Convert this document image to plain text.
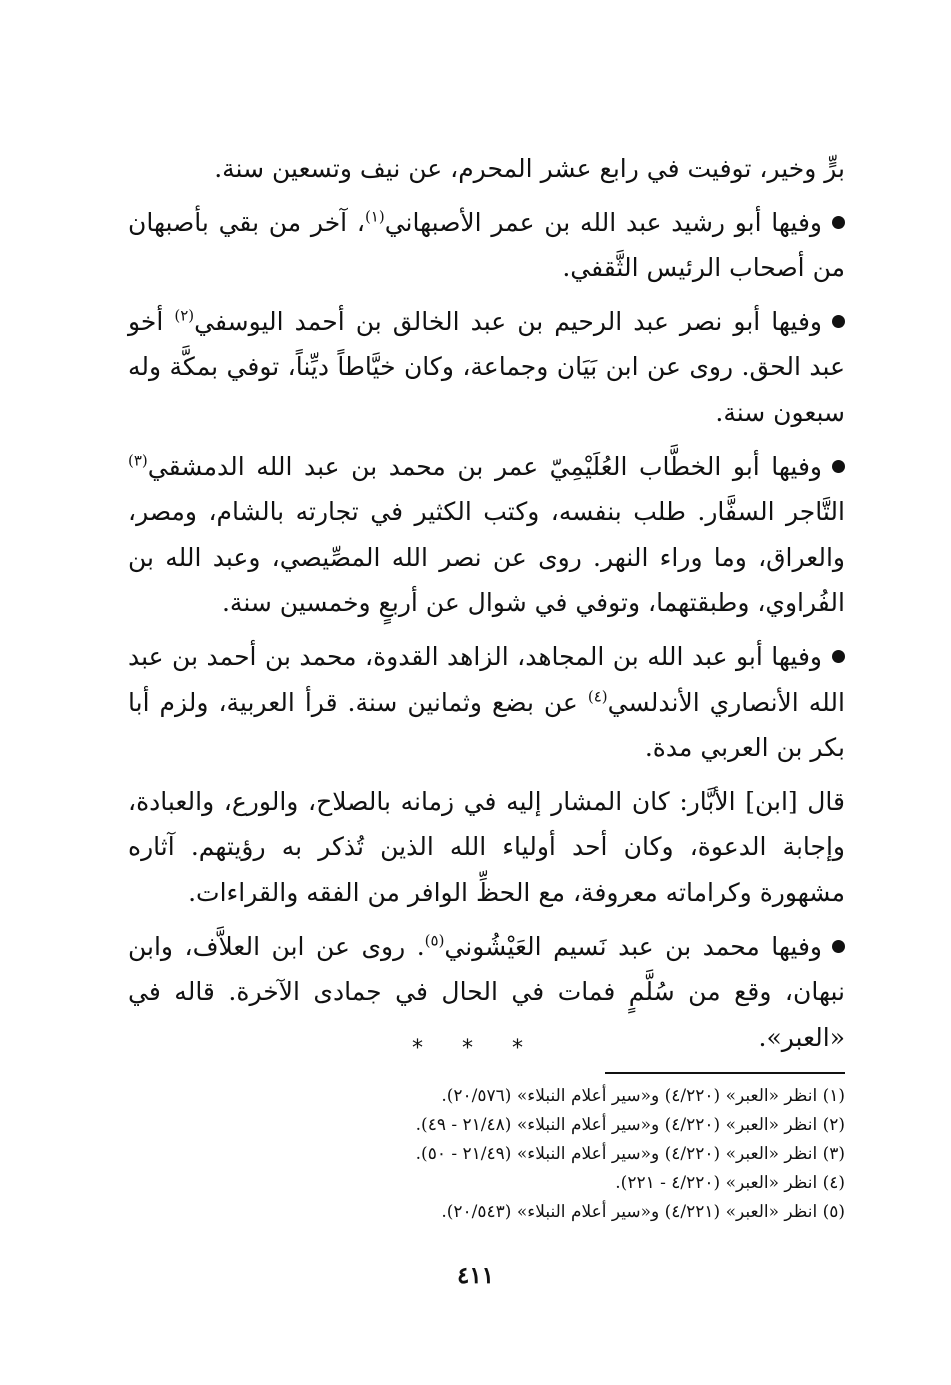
برٍّ وخير، توفيت في رابع عشر المحرم، عن نيف وتسعين سنة.

وفيها أبو رشيد عبد الله بن عمر الأصبهاني$^{(١)}$، آخر من بقي بأصبهان من أصحاب الرئيس الثَّقفي.

وفيها أبو نصر عبد الرحيم بن عبد الخالق بن أحمد اليوسفي$^{(٢)}$ أخو عبد الحق. روى عن ابن بَيَان وجماعة، وكان خيَّاطاً ديِّناً، توفي بمكَّة وله سبعون سنة.

وفيها أبو الخطَّاب العُلَيْمِيّ عمر بن محمد بن عبد الله الدمشقي$^{(٣)}$ التَّاجر السفَّار. طلب بنفسه، وكتب الكثير في تجارته بالشام، ومصر، والعراق، وما وراء النهر. روى عن نصر الله المصِّيصي، وعبد الله بن الفُراوي، وطبقتهما، وتوفي في شوال عن أربعٍ وخمسين سنة.

وفيها أبو عبد الله بن المجاهد، الزاهد القدوة، محمد بن أحمد بن عبد الله الأنصاري الأندلسي$^{(٤)}$ عن بضع وثمانين سنة. قرأ العربية، ولزم أبا بكر بن العربي مدة.

قال [ابن] الأبَّار: كان المشار إليه في زمانه بالصلاح، والورع، والعبادة، وإجابة الدعوة، وكان أحد أولياء الله الذين تُذكر به رؤيتهم. آثاره مشهورة وكراماته معروفة، مع الحظِّ الوافر من الفقه والقراءات.

وفيها محمد بن عبد نَسيم العَيْشُوني$^{(٥)}$. روى عن ابن العلاَّف، وابن نبهان، وقع من سُلَّمٍ فمات في الحال في جمادى الآخرة. قاله في «العبر».

* * *

(١) انظر «العبر» (٤/٢٢٠) و«سير أعلام النبلاء» (٢٠/٥٧٦).

(٢) انظر «العبر» (٤/٢٢٠) و«سير أعلام النبلاء» (٢١/٤٨ - ٤٩).

(٣) انظر «العبر» (٤/٢٢٠) و«سير أعلام النبلاء» (٢١/٤٩ - ٥٠).

(٤) انظر «العبر» (٤/٢٢٠ - ٢٢١).

(٥) انظر «العبر» (٤/٢٢١) و«سير أعلام النبلاء» (٢٠/٥٤٣).

٤١١
